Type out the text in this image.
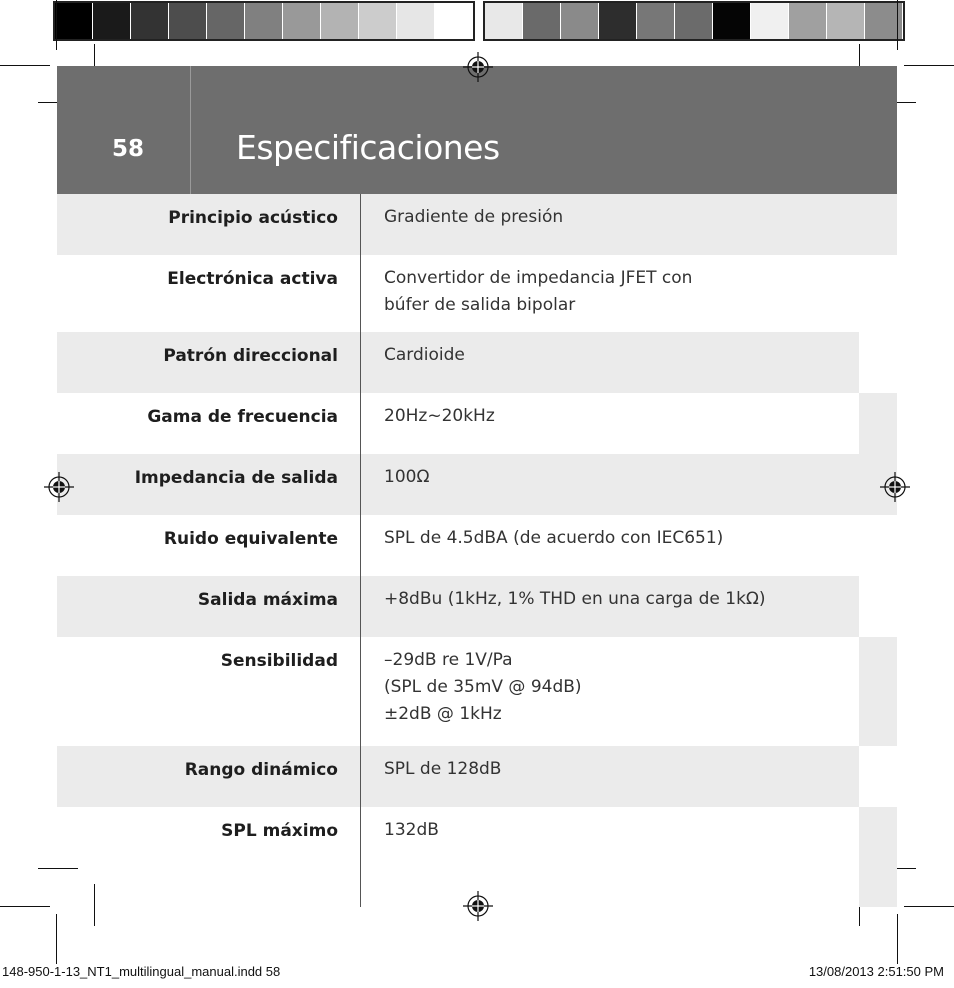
58	Especificaciones
Principio acústico	Gradiente de presión
Electrónica activa	Convertidor de impedancia JFET con
búfer de salida bipolar
Patrón direccional	Cardioide
Gama de frecuencia	20Hz~20kHz
Impedancia de salida	100Ω
Ruido equivalente	SPL de 4.5dBA (de acuerdo con IEC651)
Salida máxima	+8dBu (1kHz, 1% THD en una carga de 1kΩ)
Sensibilidad	–29dB re 1V/Pa
(SPL de 35mV @ 94dB)
±2dB @ 1kHz
Rango dinámico	SPL de 128dB
SPL máximo	132dB
148-950-1-13_NT1_multilingual_manual.indd 58	13/08/2013 2:51:50 PM
